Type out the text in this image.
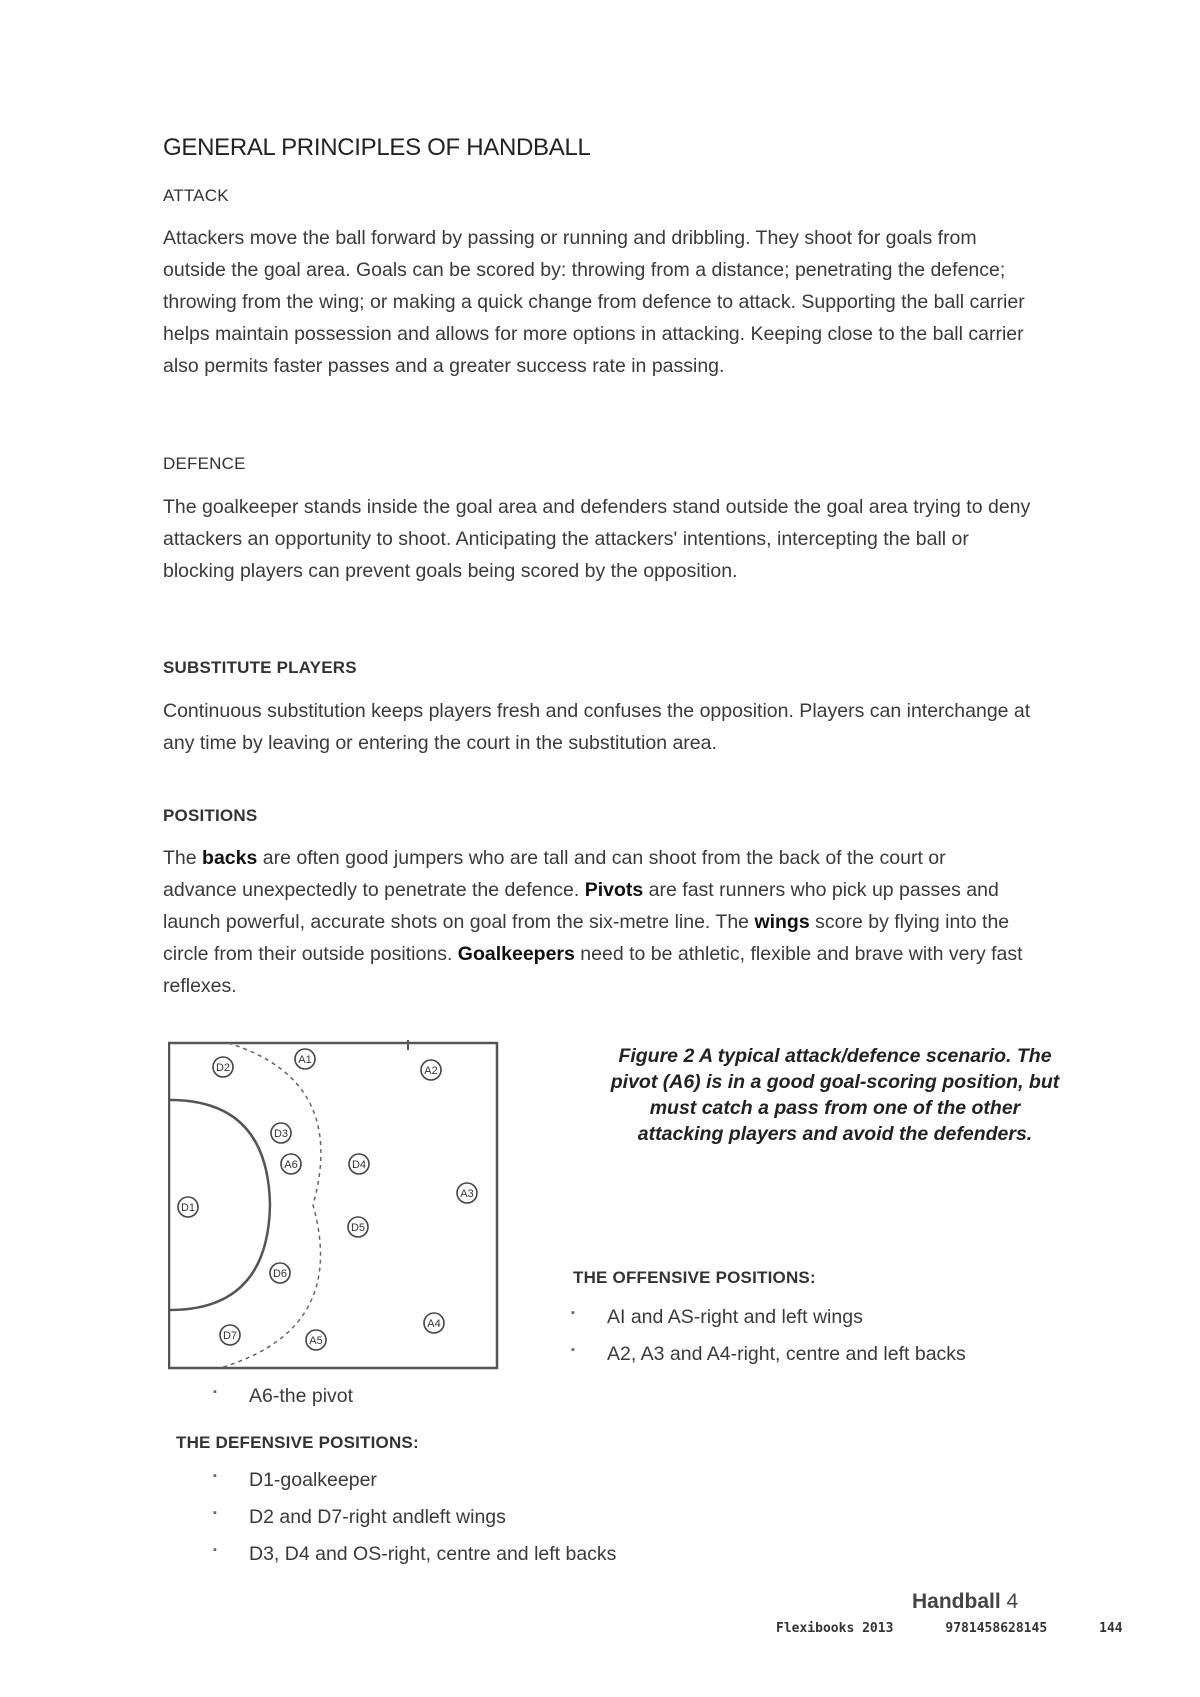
GENERAL PRINCIPLES OF HANDBALL
ATTACK
Attackers move the ball forward by passing or running and dribbling. They shoot for goals from outside the goal area. Goals can be scored by: throwing from a distance; penetrating the defence; throwing from the wing; or making a quick change from defence to attack. Supporting the ball carrier helps maintain possession and allows for more options in attacking. Keeping close to the ball carrier also permits faster passes and a greater success rate in passing.
DEFENCE
The goalkeeper stands inside the goal area and defenders stand outside the goal area trying to deny attackers an opportunity to shoot. Anticipating the attackers' intentions, intercepting the ball or blocking players can prevent goals being scored by the opposition.
SUBSTITUTE PLAYERS
Continuous substitution keeps players fresh and confuses the opposition. Players can interchange at any time by leaving or entering the court in the substitution area.
POSITIONS
The backs are often good jumpers who are tall and can shoot from the back of the court or advance unexpectedly to penetrate the defence. Pivots are fast runners who pick up passes and launch powerful, accurate shots on goal from the six-metre line. The wings score by flying into the circle from their outside positions. Goalkeepers need to be athletic, flexible and brave with very fast reflexes.
D2
A1
A2
D3
A6	D4
A3
D1
D5
D6
A4
D7	A5
Figure 2 A typical attack/defence scenario. The pivot (A6) is in a good goal-scoring position, but must catch a pass from one of the other attacking players and avoid the defenders.
THE OFFENSIVE POSITIONS:
▪ AI and AS-right and left wings
▪ A2, A3 and A4-right, centre and left backs
▪ A6-the pivot
THE DEFENSIVE POSITIONS:
▪ D1-goalkeeper
▪ D2 and D7-right andleft wings
▪ D3, D4 and OS-right, centre and left backs
Handball 4
Flexibooks 2013	9781458628145	144
